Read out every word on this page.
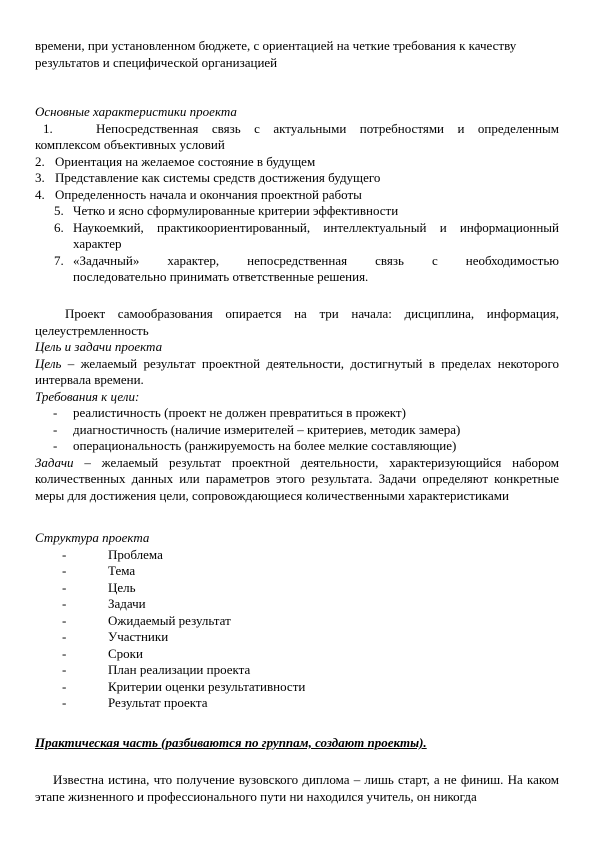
времени, при установленном бюджете, с ориентацией на четкие требования к качеству

результатов и специфической организацией

Основные характеристики проекта

1.	Непосредственная связь с актуальными потребностями и определенным комплексом объективных условий
2. Ориентация на желаемое состояние в будущем
3. Представление как системы средств достижения будущего
4. Определенность начала и окончания проектной работы
5. Четко и ясно сформулированные критерии эффективности
6. Наукоемкий, практикоориентированный, интеллектуальный и информационный характер
7. «Задачный» характер, непосредственная связь с необходимостью
последовательно принимать ответственные решения.

Проект самообразования опирается на три начала: дисциплина, информация, целеустремленность

Цель и задачи проекта

Цель – желаемый результат проектной деятельности, достигнутый в пределах некоторого интервала времени.

Требования к цели:

-	реалистичность (проект не должен превратиться в прожект)
-	диагностичность (наличие измерителей – критериев, методик замера)
-	операциональность (ранжируемость на более мелкие составляющие)

Задачи – желаемый результат проектной деятельности, характеризующийся набором количественных данных или параметров этого результата. Задачи определяют конкретные меры для достижения цели, сопровождающиеся количественными характеристиками

Структура проекта

-	Проблема
-	Тема
-	Цель
-	Задачи
-	Ожидаемый результат
-	Участники
-	Сроки
-	План реализации проекта
-	Критерии оценки результативности
-	Результат проекта

Практическая часть (разбиваются по группам, создают проекты).

Известна истина, что получение вузовского диплома – лишь старт, а не финиш. На каком этапе жизненного и профессионального пути ни находился учитель, он никогда
